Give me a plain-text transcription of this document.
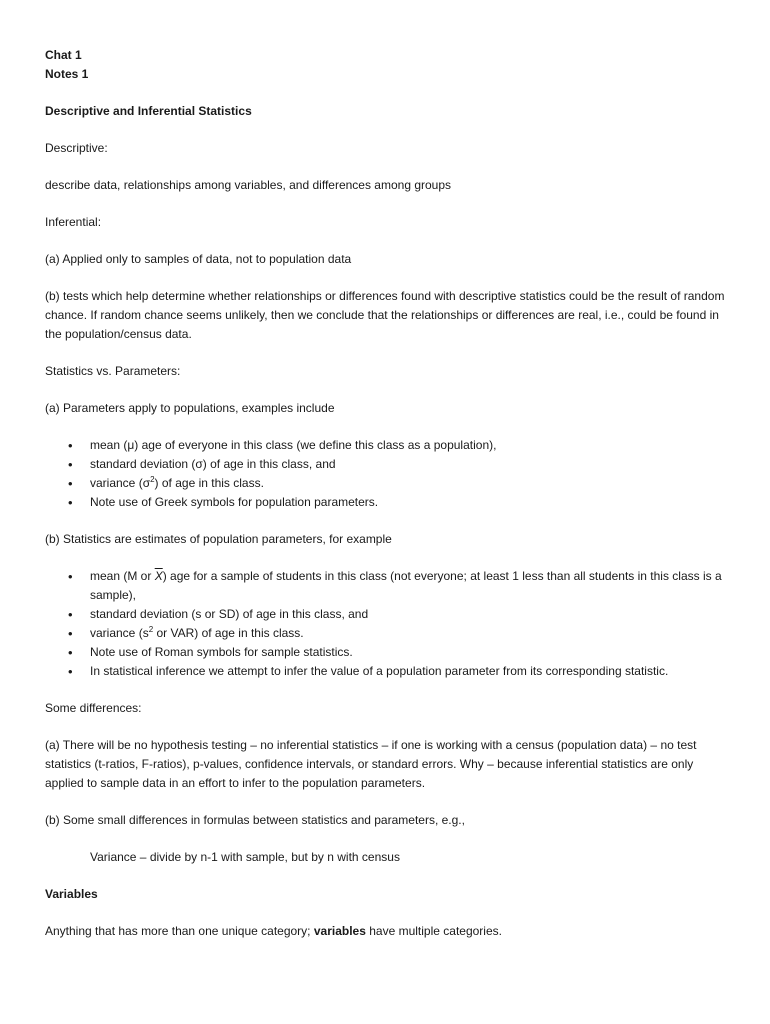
Chat 1

Notes 1

Descriptive and Inferential Statistics

Descriptive:

describe data, relationships among variables, and differences among groups

Inferential:

(a) Applied only to samples of data, not to population data

(b) tests which help determine whether relationships or differences found with descriptive statistics could be the result of random chance. If random chance seems unlikely, then we conclude that the relationships or differences are real, i.e., could be found in the population/census data.

Statistics vs. Parameters:

(a) Parameters apply to populations, examples include

• mean (μ) age of everyone in this class (we define this class as a population),
• standard deviation (σ) of age in this class, and
• variance $(\sigma^2)$ of age in this class.
• Note use of Greek symbols for population parameters.

(b) Statistics are estimates of population parameters, for example

• mean (M or $\overline{X}$) age for a sample of students in this class (not everyone; at least 1 less than all students in this class is a sample),
• standard deviation (s or SD) of age in this class, and
• variance ($s^2$ or VAR) of age in this class.
• Note use of Roman symbols for sample statistics.
• In statistical inference we attempt to infer the value of a population parameter from its corresponding statistic.

Some differences:

(a) There will be no hypothesis testing – no inferential statistics – if one is working with a census (population data) – no test statistics (t-ratios, F-ratios), p-values, confidence intervals, or standard errors. Why – because inferential statistics are only applied to sample data in an effort to infer to the population parameters.

(b) Some small differences in formulas between statistics and parameters, e.g.,

Variance – divide by n-1 with sample, but by n with census

Variables

Anything that has more than one unique category; variables have multiple categories.
